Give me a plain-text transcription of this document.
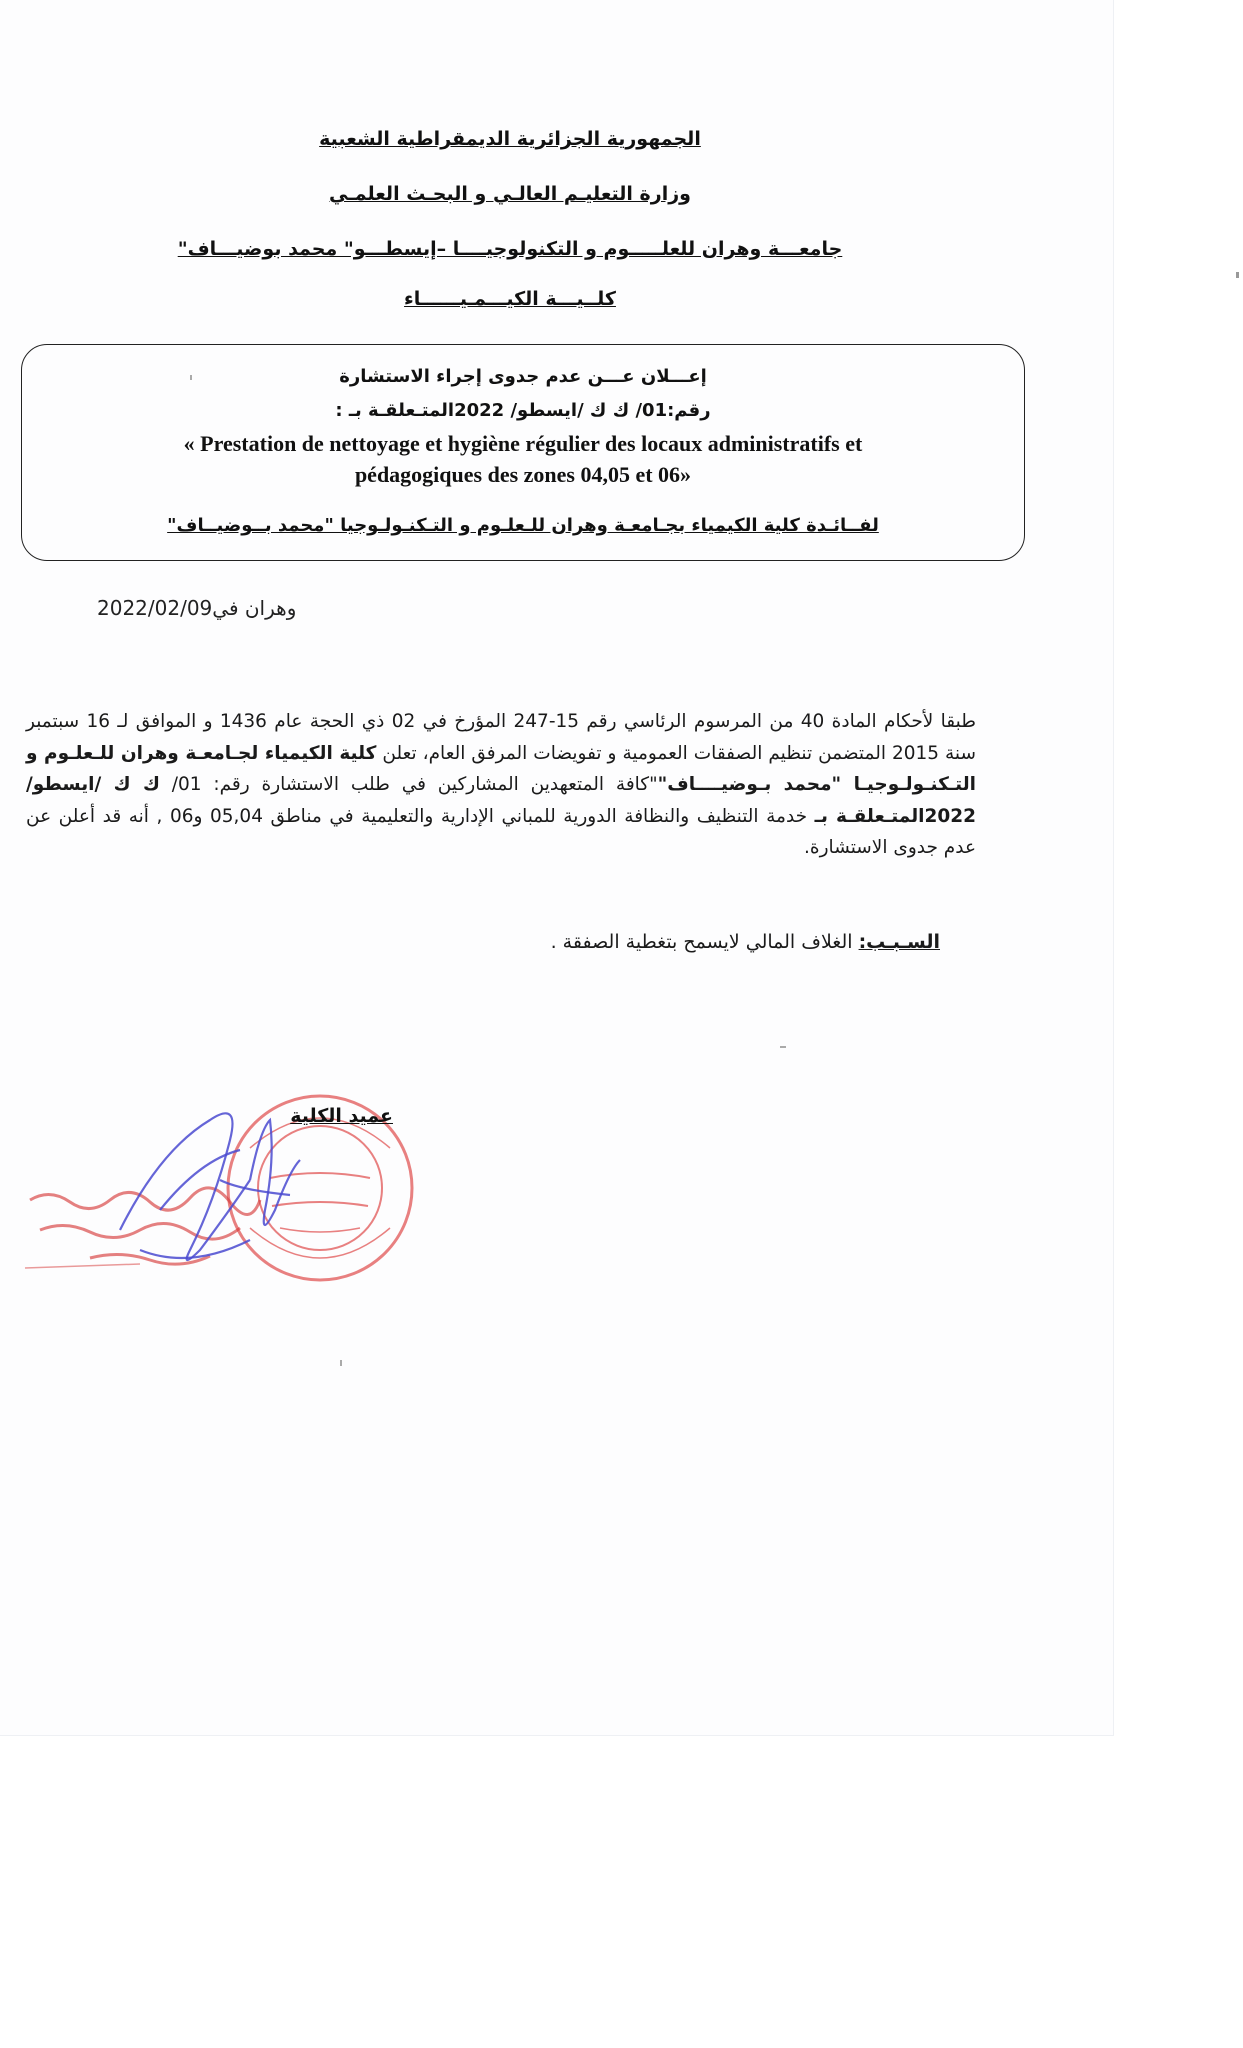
الجمهورية الجزائرية الديمقراطية الشعبية
وزارة التعليـم العالـي و البحـث العلمـي
جامعـــة وهران للعلـــــوم و التكنولوجيــــا –إيسطـــو" محمد بوضيـــاف"
كلــيـــة الكيـــمـيــــــاء
إعـــلان عـــن عدم جدوى إجراء الاستشارة
رقم:01/ ك ك /ايسطو/ 2022المتـعلقـة بـ :
« Prestation de nettoyage et hygiène régulier des locaux administratifs et
pédagogiques des zones 04,05 et 06»
لفــائـدة كلية الكيمياء بجـامعـة وهران للـعلـوم و التـكنـولـوجيا "محمد بــوضيــاف"
وهران في2022/02/09
طبقا لأحكام المادة 40 من المرسوم الرئاسي رقم 15-247 المؤرخ في 02 ذي الحجة عام 1436 و الموافق لـ 16 سبتمبر سنة 2015 المتضمن تنظيم الصفقات العمومية و تفويضات المرفق العام، تعلن كلية الكيمياء لجـامعـة وهران للـعلـوم و التـكنـولـوجيـا "محمد بـوضيــــاف""كافة المتعهدين المشاركين في طلب الاستشارة رقم: 01/ ك ك /ايسطو/ 2022المتـعلقـة بـ خدمة التنظيف والنظافة الدورية للمباني الإدارية والتعليمية في مناطق 05,04 و06 , أنه قد أعلن عن عدم جدوى الاستشارة.
السـبـب: الغلاف المالي لايسمح بتغطية الصفقة .
عميد الكلية
